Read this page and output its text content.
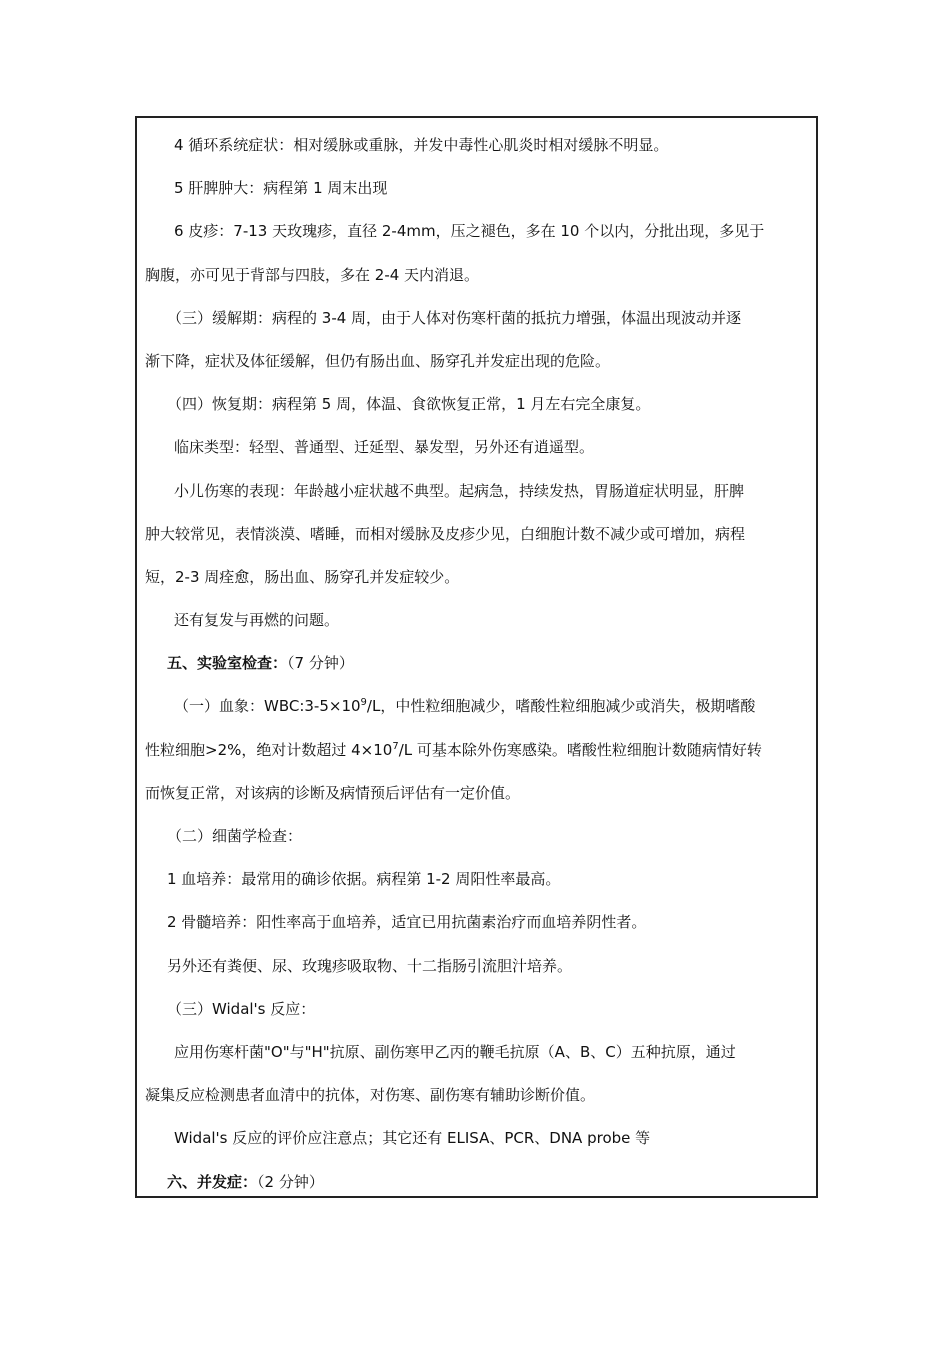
4 循环系统症状：相对缓脉或重脉，并发中毒性心肌炎时相对缓脉不明显。
5 肝脾肿大：病程第 1 周末出现
6 皮疹：7-13 天玫瑰疹，直径 2-4mm，压之褪色，多在 10 个以内，分批出现，多见于
胸腹，亦可见于背部与四肢，多在 2-4 天内消退。
（三）缓解期：病程的 3-4 周，由于人体对伤寒杆菌的抵抗力增强，体温出现波动并逐
渐下降，症状及体征缓解，但仍有肠出血、肠穿孔并发症出现的危险。
（四）恢复期：病程第 5 周，体温、食欲恢复正常，1 月左右完全康复。
临床类型：轻型、普通型、迁延型、暴发型，另外还有逍遥型。
小儿伤寒的表现：年龄越小症状越不典型。起病急，持续发热，胃肠道症状明显，肝脾
肿大较常见，表情淡漠、嗜睡，而相对缓脉及皮疹少见，白细胞计数不减少或可增加，病程
短，2-3 周痊愈，肠出血、肠穿孔并发症较少。
还有复发与再燃的问题。
五、实验室检查：（7 分钟）
（一）血象：$WBC:3-5\times 10^9/L$，中性粒细胞减少，嗜酸性粒细胞减少或消失，极期嗜酸
性粒细胞>2%，绝对计数超过 $4\times 10^7/L$ 可基本除外伤寒感染。嗜酸性粒细胞计数随病情好转
而恢复正常，对该病的诊断及病情预后评估有一定价值。
（二）细菌学检查：
1 血培养：最常用的确诊依据。病程第 1-2 周阳性率最高。
2 骨髓培养：阳性率高于血培养，适宜已用抗菌素治疗而血培养阴性者。
另外还有粪便、尿、玫瑰疹吸取物、十二指肠引流胆汁培养。
（三）Widal's 反应：
应用伤寒杆菌"O"与"H"抗原、副伤寒甲乙丙的鞭毛抗原（A、B、C）五种抗原，通过
凝集反应检测患者血清中的抗体，对伤寒、副伤寒有辅助诊断价值。
Widal's 反应的评价应注意点；其它还有 ELISA、PCR、DNA probe 等
六、并发症：（2 分钟）
